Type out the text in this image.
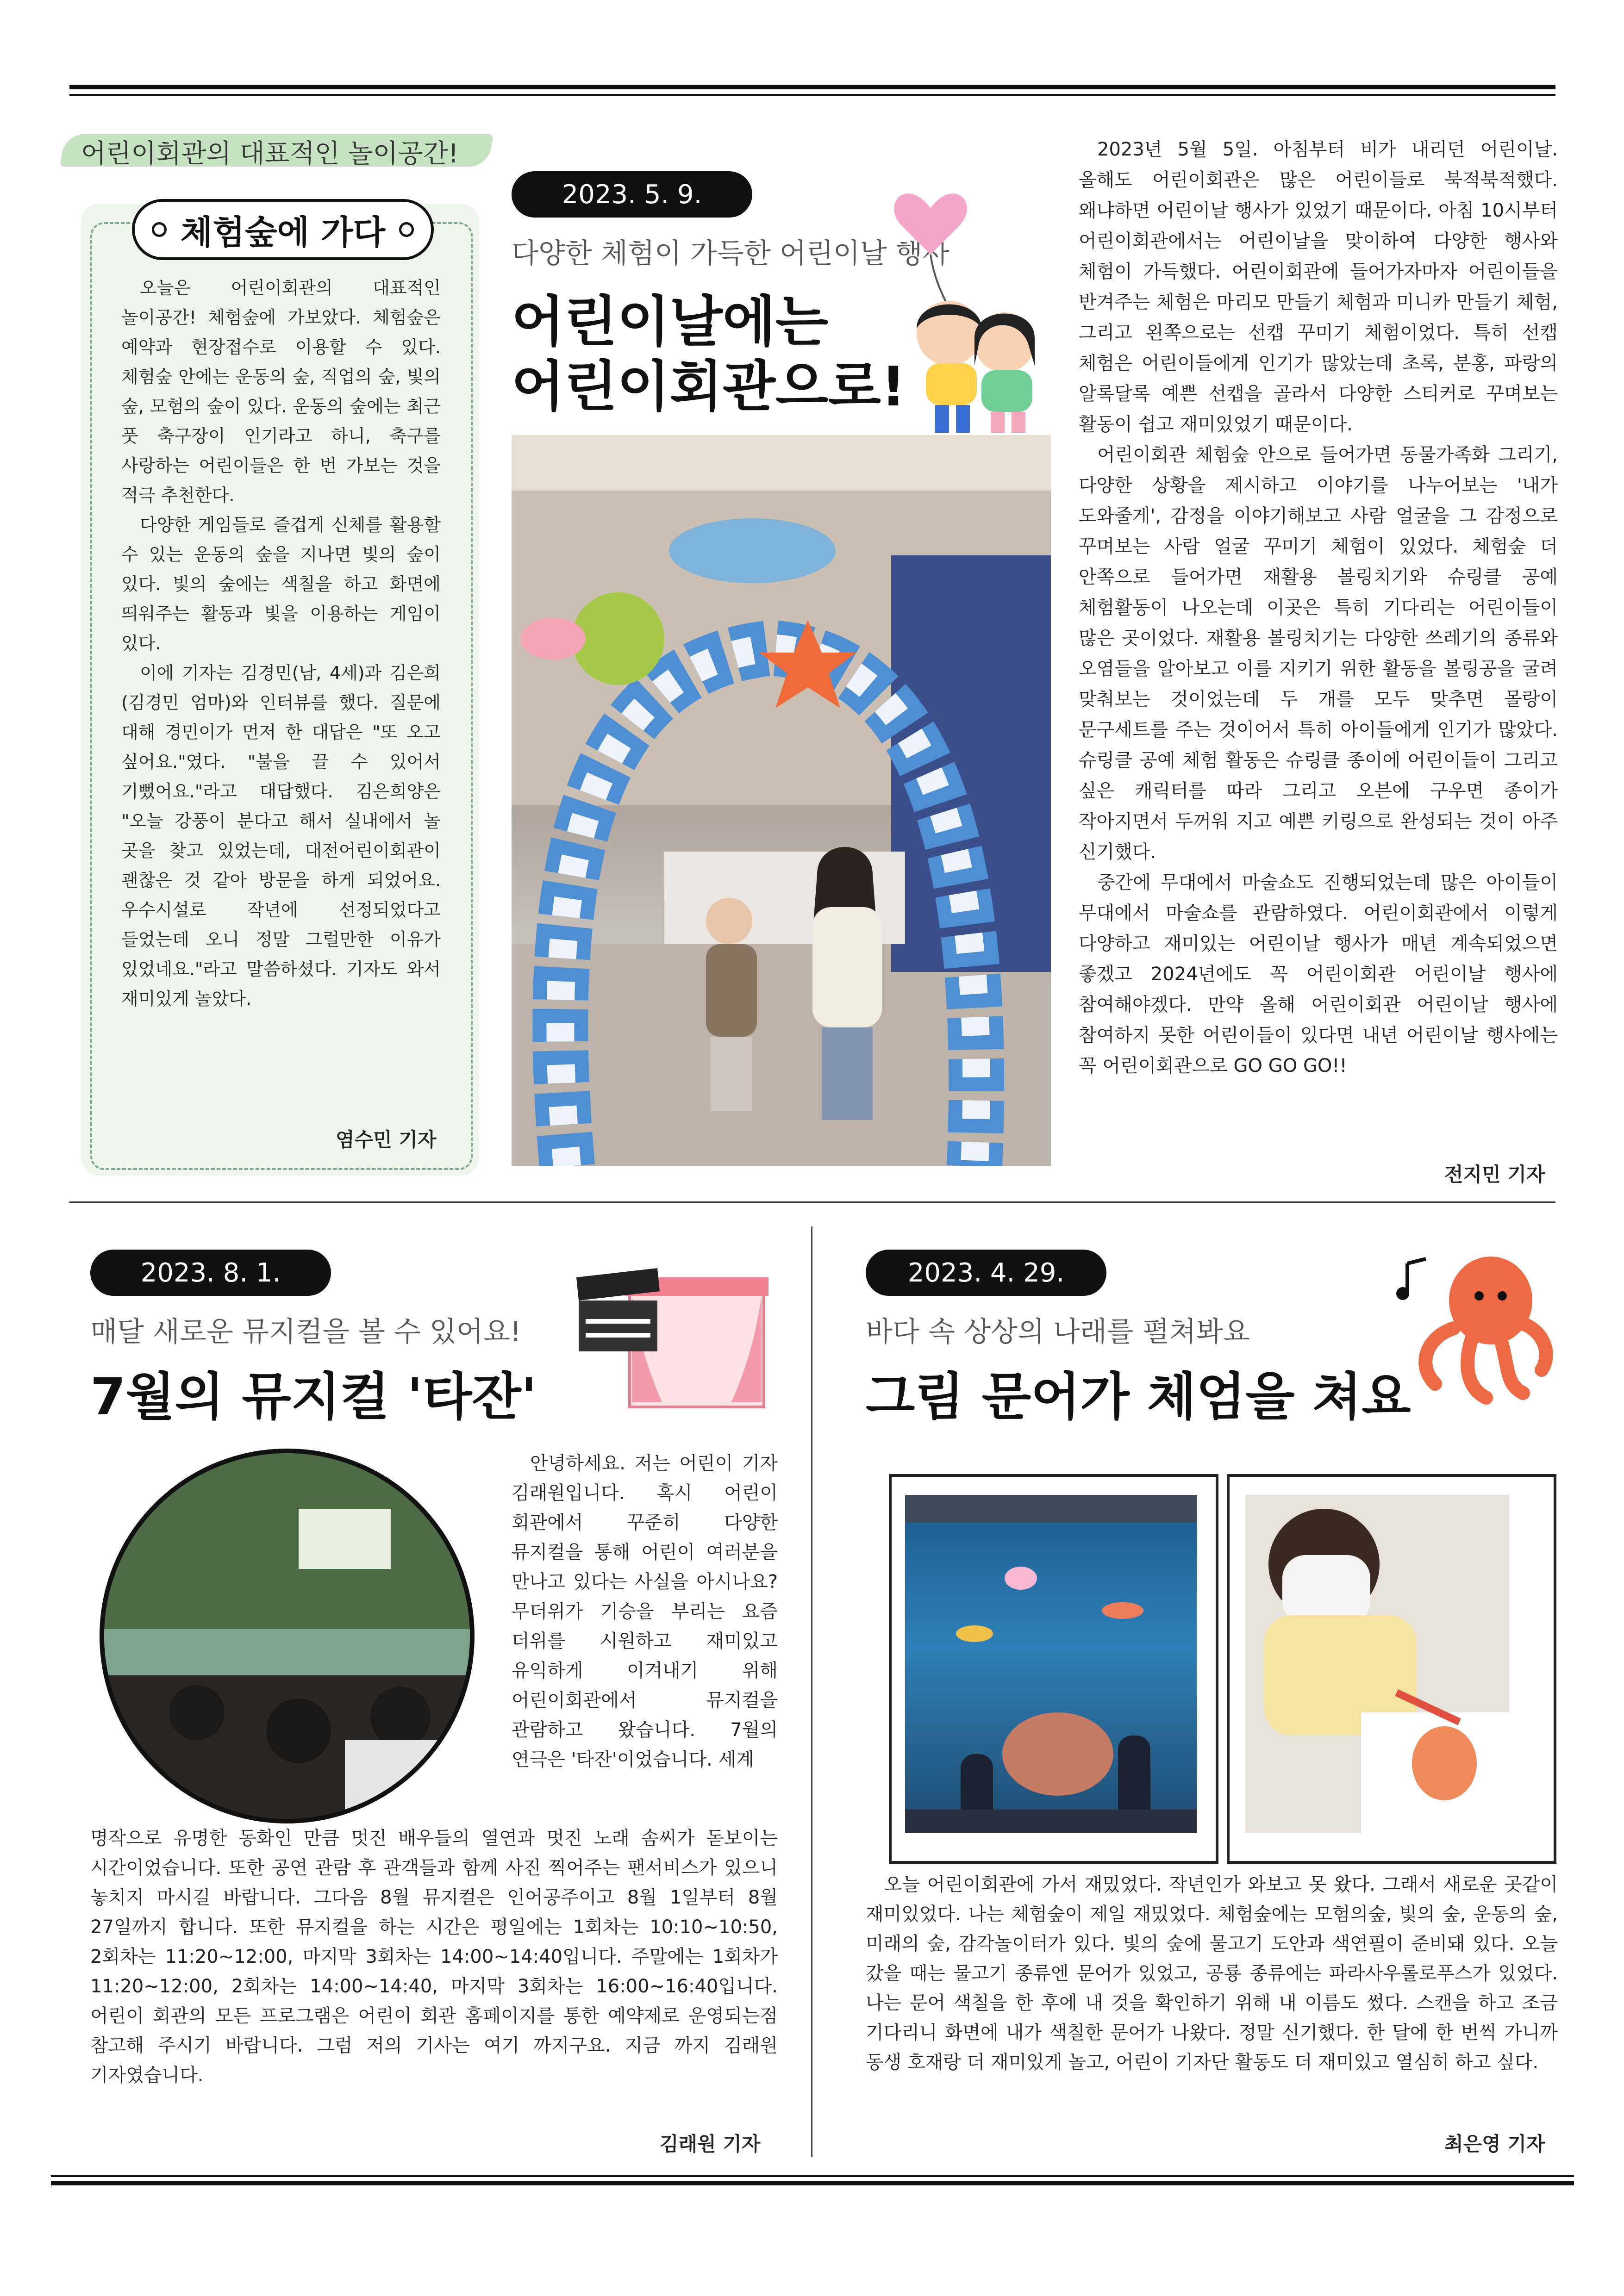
어린이회관의 대표적인 놀이공간!
체험숲에 가다

오늘은 어린이회관의 대표적인 놀이공간! 체험숲에 가보았다. 체험숲은 예약과 현장접수로 이용할 수 있다. 체험숲 안에는 운동의 숲, 직업의 숲, 빛의 숲, 모험의 숲이 있다. 운동의 숲에는 최근 풋 축구장이 인기라고 하니, 축구를 사랑하는 어린이들은 한 번 가보는 것을 적극 추천한다.

다양한 게임들로 즐겁게 신체를 활용할 수 있는 운동의 숲을 지나면 빛의 숲이 있다. 빛의 숲에는 색칠을 하고 화면에 띄워주는 활동과 빛을 이용하는 게임이 있다.

이에 기자는 김경민(남, 4세)과 김은희(김경민 엄마)와 인터뷰를 했다. 질문에 대해 경민이가 먼저 한 대답은 "또 오고 싶어요."였다. "불을 끌 수 있어서 기뻤어요."라고 대답했다. 김은희양은 "오늘 강풍이 분다고 해서 실내에서 놀 곳을 찾고 있었는데, 대전어린이회관이 괜찮은 것 같아 방문을 하게 되었어요. 우수시설로 작년에 선정되었다고 들었는데 오니 정말 그럴만한 이유가 있었네요."라고 말씀하셨다. 기자도 와서 재미있게 놀았다.

염수민 기자
2023. 5. 9.
다양한 체험이 가득한 어린이날 행사
어린이날에는
어린이회관으로!

2023년 5월 5일. 아침부터 비가 내리던 어린이날. 올해도 어린이회관은 많은 어린이들로 북적북적했다. 왜냐하면 어린이날 행사가 있었기 때문이다. 아침 10시부터 어린이회관에서는 어린이날을 맞이하여 다양한 행사와 체험이 가득했다. 어린이회관에 들어가자마자 어린이들을 반겨주는 체험은 마리모 만들기 체험과 미니카 만들기 체험, 그리고 왼쪽으로는 선캡 꾸미기 체험이었다. 특히 선캡 체험은 어린이들에게 인기가 많았는데 초록, 분홍, 파랑의 알록달록 예쁜 선캡을 골라서 다양한 스티커로 꾸며보는 활동이 쉽고 재미있었기 때문이다.

어린이회관 체험숲 안으로 들어가면 동물가족화 그리기, 다양한 상황을 제시하고 이야기를 나누어보는 '내가 도와줄게', 감정을 이야기해보고 사람 얼굴을 그 감정으로 꾸며보는 사람 얼굴 꾸미기 체험이 있었다. 체험숲 더 안쪽으로 들어가면 재활용 볼링치기와 슈링클 공예 체험활동이 나오는데 이곳은 특히 기다리는 어린이들이 많은 곳이었다. 재활용 볼링치기는 다양한 쓰레기의 종류와 오염들을 알아보고 이를 지키기 위한 활동을 볼링공을 굴려 맞춰보는 것이었는데 두 개를 모두 맞추면 몰랑이 문구세트를 주는 것이어서 특히 아이들에게 인기가 많았다. 슈링클 공예 체험 활동은 슈링클 종이에 어린이들이 그리고 싶은 캐릭터를 따라 그리고 오븐에 구우면 종이가 작아지면서 두꺼워 지고 예쁜 키링으로 완성되는 것이 아주 신기했다.

중간에 무대에서 마술쇼도 진행되었는데 많은 아이들이 무대에서 마술쇼를 관람하였다. 어린이회관에서 이렇게 다양하고 재미있는 어린이날 행사가 매년 계속되었으면 좋겠고 2024년에도 꼭 어린이회관 어린이날 행사에 참여해야겠다. 만약 올해 어린이회관 어린이날 행사에 참여하지 못한 어린이들이 있다면 내년 어린이날 행사에는 꼭 어린이회관으로 GO GO GO!!

전지민 기자
2023. 8. 1.
매달 새로운 뮤지컬을 볼 수 있어요!
7월의 뮤지컬 '타잔'
안녕하세요. 저는 어린이 기자 김래원입니다. 혹시 어린이 회관에서 꾸준히 다양한 뮤지컬을 통해 어린이 여러분을 만나고 있다는 사실을 아시나요? 무더위가 기승을 부리는 요즘 더위를 시원하고 재미있고 유익하게 이겨내기 위해 어린이회관에서 뮤지컬을 관람하고 왔습니다. 7월의 연극은 '타잔'이었습니다. 세계
명작으로 유명한 동화인 만큼 멋진 배우들의 열연과 멋진 노래 솜씨가 돋보이는 시간이었습니다. 또한 공연 관람 후 관객들과 함께 사진 찍어주는 팬서비스가 있으니 놓치지 마시길 바랍니다. 그다음 8월 뮤지컬은 인어공주이고 8월 1일부터 8월 27일까지 합니다. 또한 뮤지컬을 하는 시간은 평일에는 1회차는 10:10~10:50, 2회차는 11:20~12:00, 마지막 3회차는 14:00~14:40입니다. 주말에는 1회차가 11:20~12:00, 2회차는 14:00~14:40, 마지막 3회차는 16:00~16:40입니다. 어린이 회관의 모든 프로그램은 어린이 회관 홈페이지를 통한 예약제로 운영되는점 참고해 주시기 바랍니다. 그럼 저의 기사는 여기 까지구요. 지금 까지 김래원 기자였습니다.
김래원 기자
2023. 4. 29.
바다 속 상상의 나래를 펼쳐봐요
그림 문어가 체엄을 쳐요
오늘 어린이회관에 가서 재밌었다. 작년인가 와보고 못 왔다. 그래서 새로운 곳같이 재미있었다. 나는 체험숲이 제일 재밌었다. 체험숲에는 모험의숲, 빛의 숲, 운동의 숲, 미래의 숲, 감각놀이터가 있다. 빛의 숲에 물고기 도안과 색연필이 준비돼 있다. 오늘 갔을 때는 물고기 종류엔 문어가 있었고, 공룡 종류에는 파라사우롤로푸스가 있었다. 나는 문어 색칠을 한 후에 내 것을 확인하기 위해 내 이름도 썼다. 스캔을 하고 조금 기다리니 화면에 내가 색칠한 문어가 나왔다. 정말 신기했다. 한 달에 한 번씩 가니까 동생 호재랑 더 재미있게 놀고, 어린이 기자단 활동도 더 재미있고 열심히 하고 싶다.
최은영 기자
